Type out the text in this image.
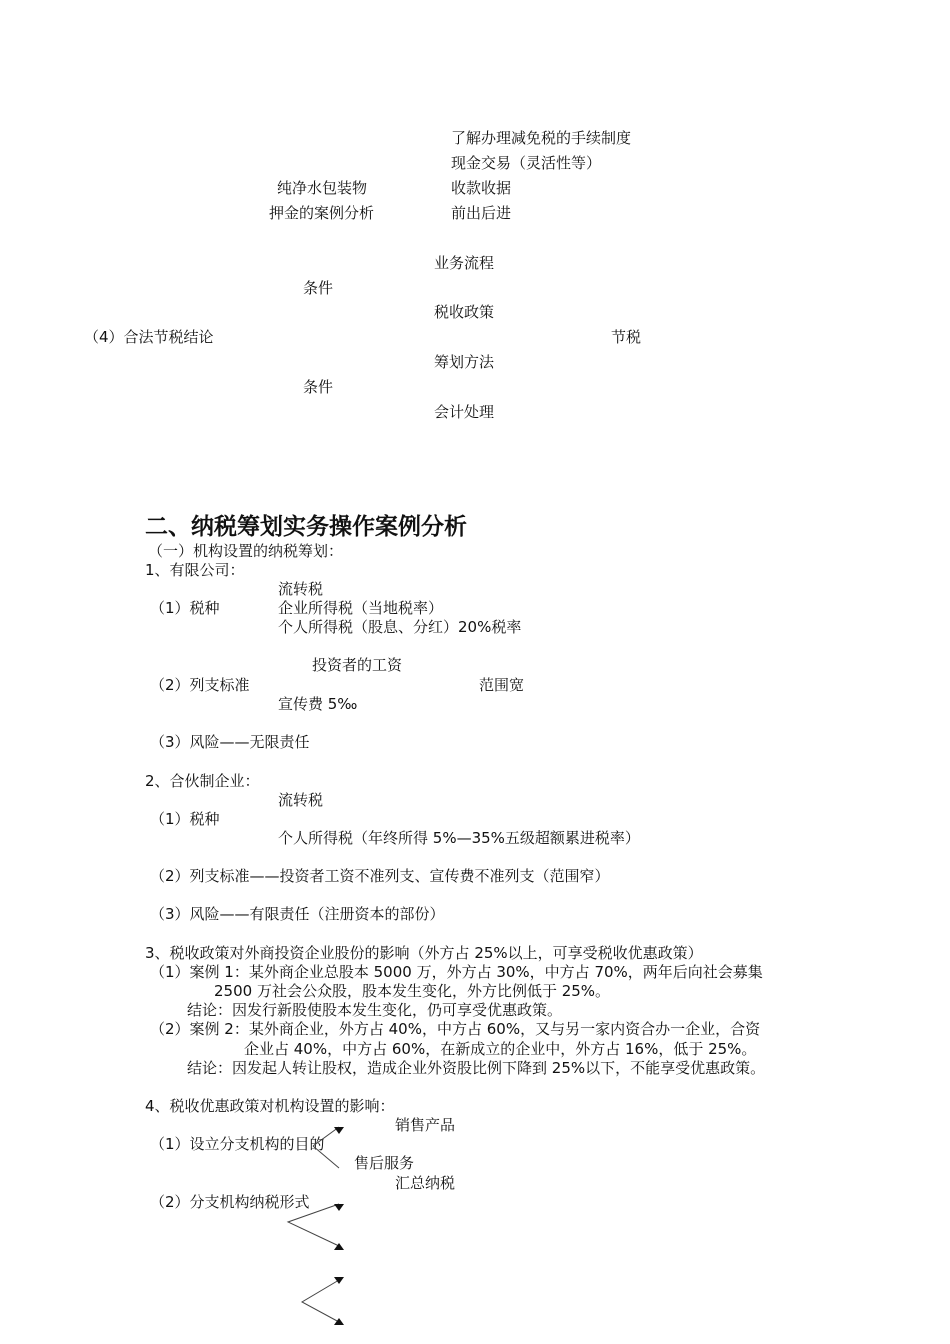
了解办理减免税的手续制度
现金交易（灵活性等）
纯净水包装物	收款收据
押金的案例分析	前出后进
业务流程
条件
税收政策
（4）合法节税结论	节税
筹划方法
条件
会计处理
二、纳税筹划实务操作案例分析
（一）机构设置的纳税筹划：
1、有限公司：
流转税
（1）税种	企业所得税（当地税率）
个人所得税（股息、分红）20%税率
投资者的工资
（2）列支标准	范围宽
宣传费 5‰
（3）风险——无限责任
2、合伙制企业：
流转税
（1）税种
个人所得税（年终所得 5%—35%五级超额累进税率）
（2）列支标准——投资者工资不准列支、宣传费不准列支（范围窄）
（3）风险——有限责任（注册资本的部份）
3、税收政策对外商投资企业股份的影响（外方占 25%以上，可享受税收优惠政策）
（1）案例 1：某外商企业总股本 5000 万，外方占 30%，中方占 70%，两年后向社会募集
2500 万社会公众股，股本发生变化，外方比例低于 25%。
结论：因发行新股使股本发生变化，仍可享受优惠政策。
（2）案例 2：某外商企业，外方占 40%，中方占 60%，又与另一家内资合办一企业，合资
企业占 40%，中方占 60%，在新成立的企业中，外方占 16%，低于 25%。
结论：因发起人转让股权，造成企业外资股比例下降到 25%以下，不能享受优惠政策。
4、税收优惠政策对机构设置的影响：
销售产品
（1）设立分支机构的目的
售后服务
汇总纳税
（2）分支机构纳税形式
